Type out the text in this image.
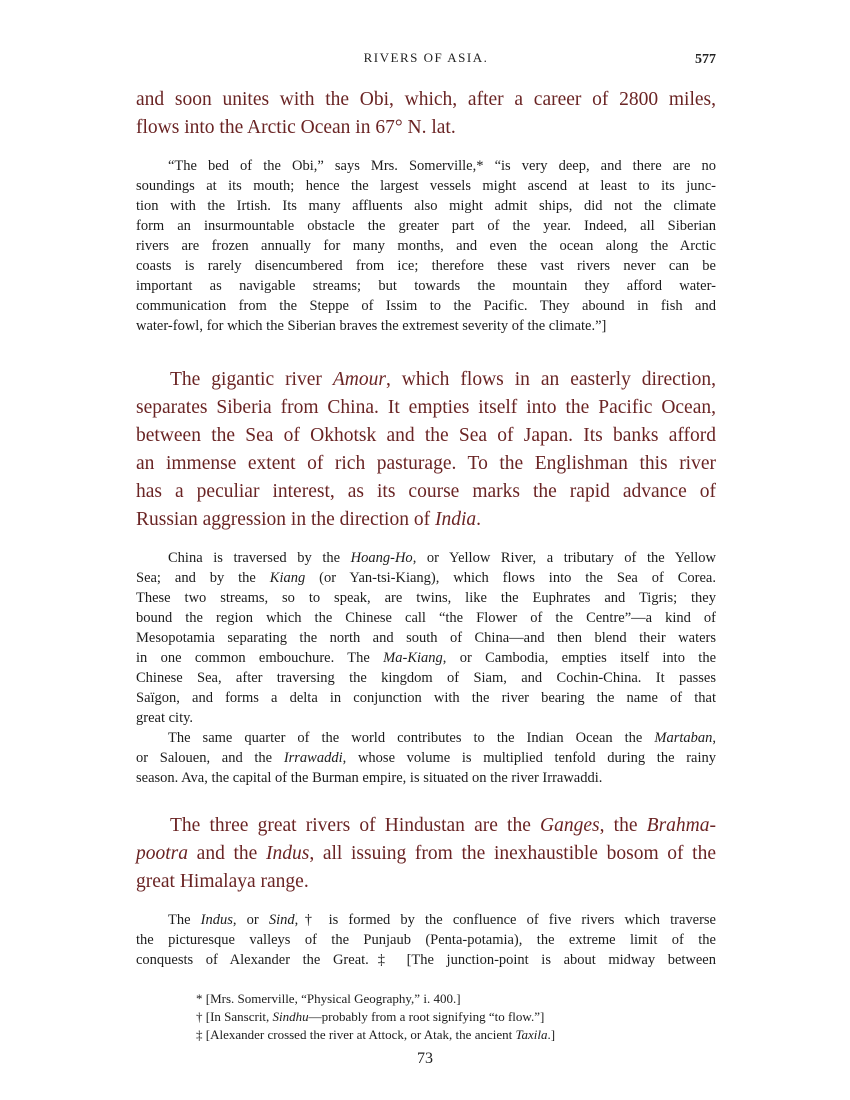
RIVERS OF ASIA.	577
and soon unites with the Obi, which, after a career of 2800 miles,
flows into the Arctic Ocean in 67° N. lat.
“The bed of the Obi,” says Mrs. Somerville,* “is very deep, and there are no
soundings at its mouth; hence the largest vessels might ascend at least to its junc-
tion with the Irtish. Its many affluents also might admit ships, did not the climate
form an insurmountable obstacle the greater part of the year. Indeed, all Siberian
rivers are frozen annually for many months, and even the ocean along the Arctic
coasts is rarely disencumbered from ice; therefore these vast rivers never can be
important as navigable streams; but towards the mountain they afford water-
communication from the Steppe of Issim to the Pacific. They abound in fish and
water-fowl, for which the Siberian braves the extremest severity of the climate.”]
The gigantic river Amour, which flows in an easterly direction,
separates Siberia from China. It empties itself into the Pacific Ocean,
between the Sea of Okhotsk and the Sea of Japan. Its banks afford
an immense extent of rich pasturage. To the Englishman this river
has a peculiar interest, as its course marks the rapid advance of
Russian aggression in the direction of India.
China is traversed by the Hoang-Ho, or Yellow River, a tributary of the Yellow
Sea; and by the Kiang (or Yan-tsi-Kiang), which flows into the Sea of Corea.
These two streams, so to speak, are twins, like the Euphrates and Tigris; they
bound the region which the Chinese call “the Flower of the Centre”—a kind of
Mesopotamia separating the north and south of China—and then blend their waters
in one common embouchure. The Ma-Kiang, or Cambodia, empties itself into the
Chinese Sea, after traversing the kingdom of Siam, and Cochin-China. It passes
Saïgon, and forms a delta in conjunction with the river bearing the name of that
great city.
The same quarter of the world contributes to the Indian Ocean the Martaban,
or Salouen, and the Irrawaddi, whose volume is multiplied tenfold during the rainy
season. Ava, the capital of the Burman empire, is situated on the river Irrawaddi.
The three great rivers of Hindustan are the Ganges, the Brahma-
pootra and the Indus, all issuing from the inexhaustible bosom of the
great Himalaya range.
The Indus, or Sind,† is formed by the confluence of five rivers which traverse
the picturesque valleys of the Punjaub (Penta-potamia), the extreme limit of the
conquests of Alexander the Great.‡ [The junction-point is about midway between
* [Mrs. Somerville, “Physical Geography,” i. 400.]
† [In Sanscrit, Sindhu—probably from a root signifying “to flow.”]
‡ [Alexander crossed the river at Attock, or Atak, the ancient Taxila.]
73
